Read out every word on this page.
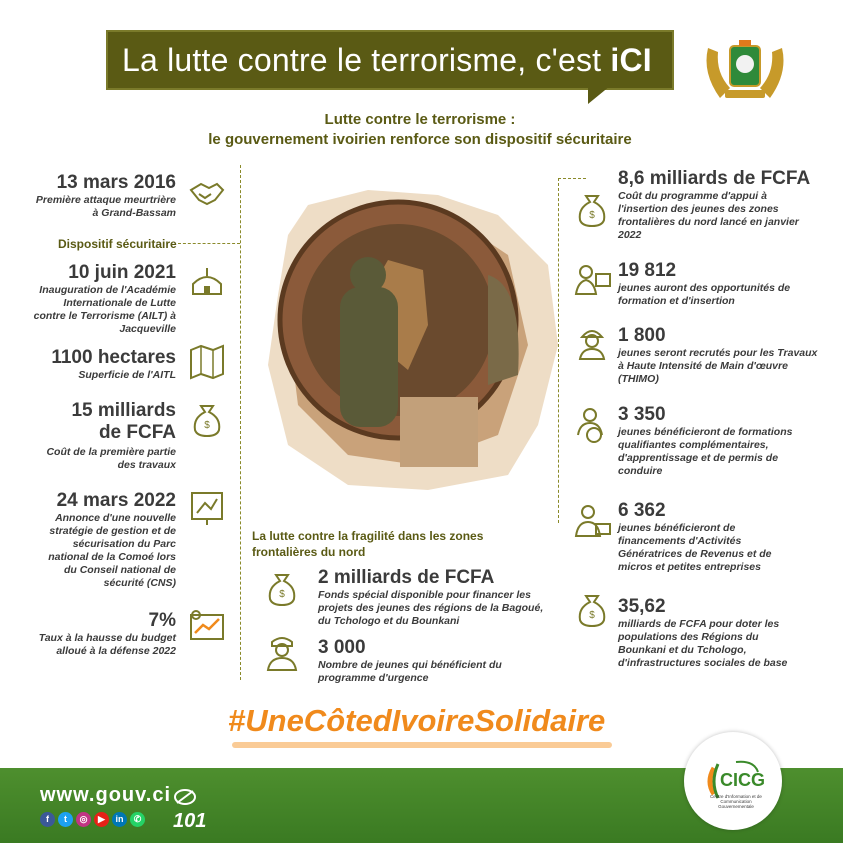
La lutte contre le terrorisme, c'est iCI
Lutte contre le terrorisme :
le gouvernement ivoirien renforce son dispositif sécuritaire
13 mars 2016
Première attaque meurtrière
à Grand-Bassam
Dispositif sécuritaire
10 juin 2021
Inauguration de l'Académie
Internationale de Lutte
contre le Terrorisme (AILT) à
Jacqueville
1100 hectares
Superficie de l'AITL
15 milliards
de FCFA
Coût de la première partie
des travaux
$
24 mars 2022
Annonce d'une nouvelle
stratégie de gestion et de
sécurisation du Parc
national de la Comoé lors
du Conseil national de
sécurité (CNS)
7%
Taux à la hausse du budget
alloué à la défense 2022
$
8,6 milliards de FCFA
Coût du programme d'appui à
l'insertion des jeunes des zones
frontalières du nord lancé en janvier
2022
19 812
jeunes auront des opportunités de
formation et d'insertion
1 800
jeunes seront recrutés pour les Travaux
à Haute Intensité de Main d'œuvre
(THIMO)
3 350
jeunes bénéficieront de formations
qualifiantes complémentaires,
d'apprentissage et de permis de
conduire
6 362
jeunes bénéficieront de
financements d'Activités
Génératrices de Revenus et de
micros et petites entreprises
$ 35,62
milliards de FCFA pour doter les
populations des Régions du
Bounkani et du Tchologo,
d'infrastructures sociales de base
La lutte contre la fragilité dans les zones
frontalières du nord
$
2 milliards de FCFA
Fonds spécial disponible pour financer les
projets des jeunes des régions de la Bagoué,
du Tchologo et du Bounkani
3 000
Nombre de jeunes qui bénéficient du
programme d'urgence
#UneCôtedIvoireSolidaire
www.gouv.ci
f	t	◎	▶	in	✆ 101
CICG
Centre d'Information et de Communication Gouvernementale
